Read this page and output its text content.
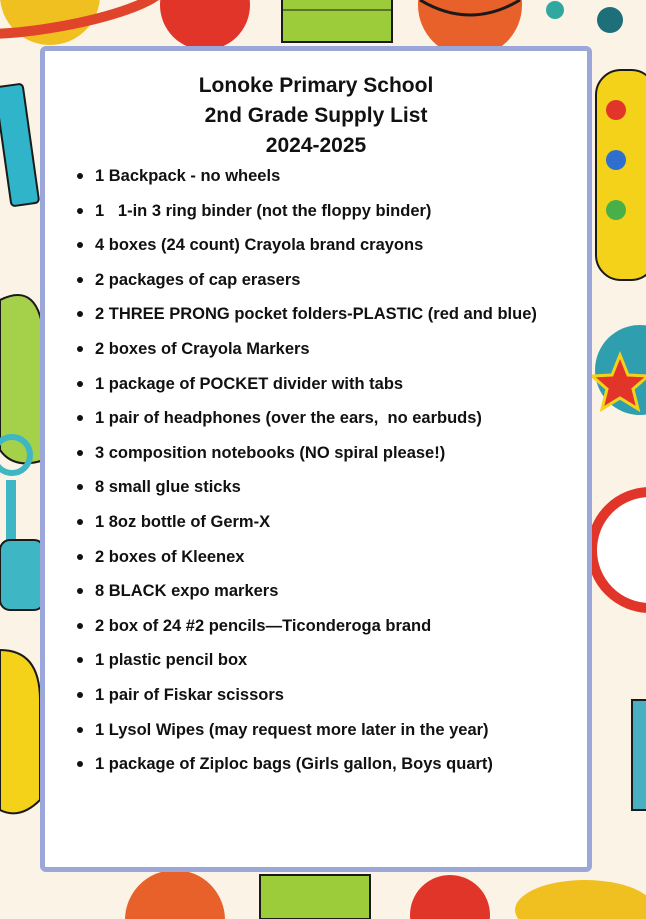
Lonoke Primary School
2nd Grade Supply List
2024-2025
1 Backpack - no wheels
1   1-in 3 ring binder (not the floppy binder)
4 boxes (24 count) Crayola brand crayons
2 packages of cap erasers
2 THREE PRONG pocket folders-PLASTIC (red and blue)
2 boxes of Crayola Markers
1 package of POCKET divider with tabs
1 pair of headphones (over the ears,  no earbuds)
3 composition notebooks (NO spiral please!)
8 small glue sticks
1 8oz bottle of Germ-X
2 boxes of Kleenex
8 BLACK expo markers
2 box of 24 #2 pencils—Ticonderoga brand
1 plastic pencil box
1 pair of Fiskar scissors
1 Lysol Wipes (may request more later in the year)
1 package of Ziploc bags (Girls gallon, Boys quart)
